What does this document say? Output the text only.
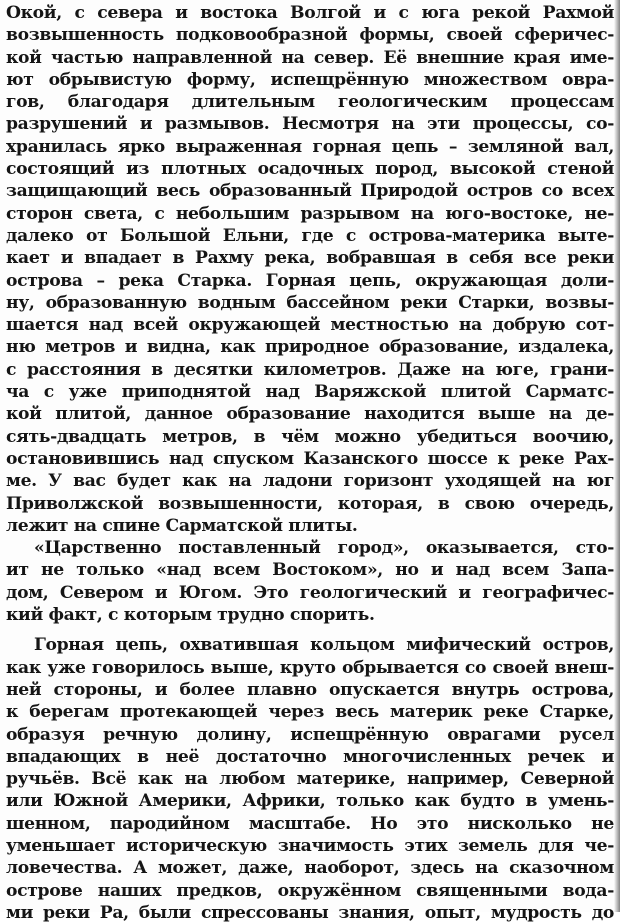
Окой, с севера и востока Волгой и с юга рекой Рахмой
возвышенность подковообразной формы, своей сферичес-
кой частью направленной на север. Её внешние края име-
ют обрывистую форму, испещрённую множеством овра-
гов, благодаря длительным геологическим процессам
разрушений и размывов. Несмотря на эти процессы, со-
хранилась ярко выраженная горная цепь – земляной вал,
состоящий из плотных осадочных пород, высокой стеной
защищающий весь образованный Природой остров со всех
сторон света, с небольшим разрывом на юго-востоке, не-
далеко от Большой Ельни, где с острова-материка выте-
кает и впадает в Рахму река, вобравшая в себя все реки
острова – река Старка. Горная цепь, окружающая доли-
ну, образованную водным бассейном реки Старки, возвы-
шается над всей окружающей местностью на добрую сот-
ню метров и видна, как природное образование, издалека,
с расстояния в десятки километров. Даже на юге, грани-
ча с уже приподнятой над Варяжской плитой Сарматс-
кой плитой, данное образование находится выше на де-
сять-двадцать метров, в чём можно убедиться воочию,
остановившись над спуском Казанского шоссе к реке Рах-
ме. У вас будет как на ладони горизонт уходящей на юг
Приволжской возвышенности, которая, в свою очередь,
лежит на спине Сарматской плиты.
«Царственно поставленный город», оказывается, сто-
ит не только «над всем Востоком», но и над всем Запа-
дом, Севером и Югом. Это геологический и географичес-
кий факт, с которым трудно спорить.
Горная цепь, охватившая кольцом мифический остров,
как уже говорилось выше, круто обрывается со своей внеш-
ней стороны, и более плавно опускается внутрь острова,
к берегам протекающей через весь материк реке Старке,
образуя речную долину, испещрённую оврагами русел
впадающих в неё достаточно многочисленных речек и
ручьёв. Всё как на любом материке, например, Северной
или Южной Америки, Африки, только как будто в умень-
шенном, пародийном масштабе. Но это нисколько не
уменьшает историческую значимость этих земель для че-
ловечества. А может, даже, наоборот, здесь на сказочном
острове наших предков, окружённом священными вода-
ми реки Ра, были спрессованы знания, опыт, мудрость до
